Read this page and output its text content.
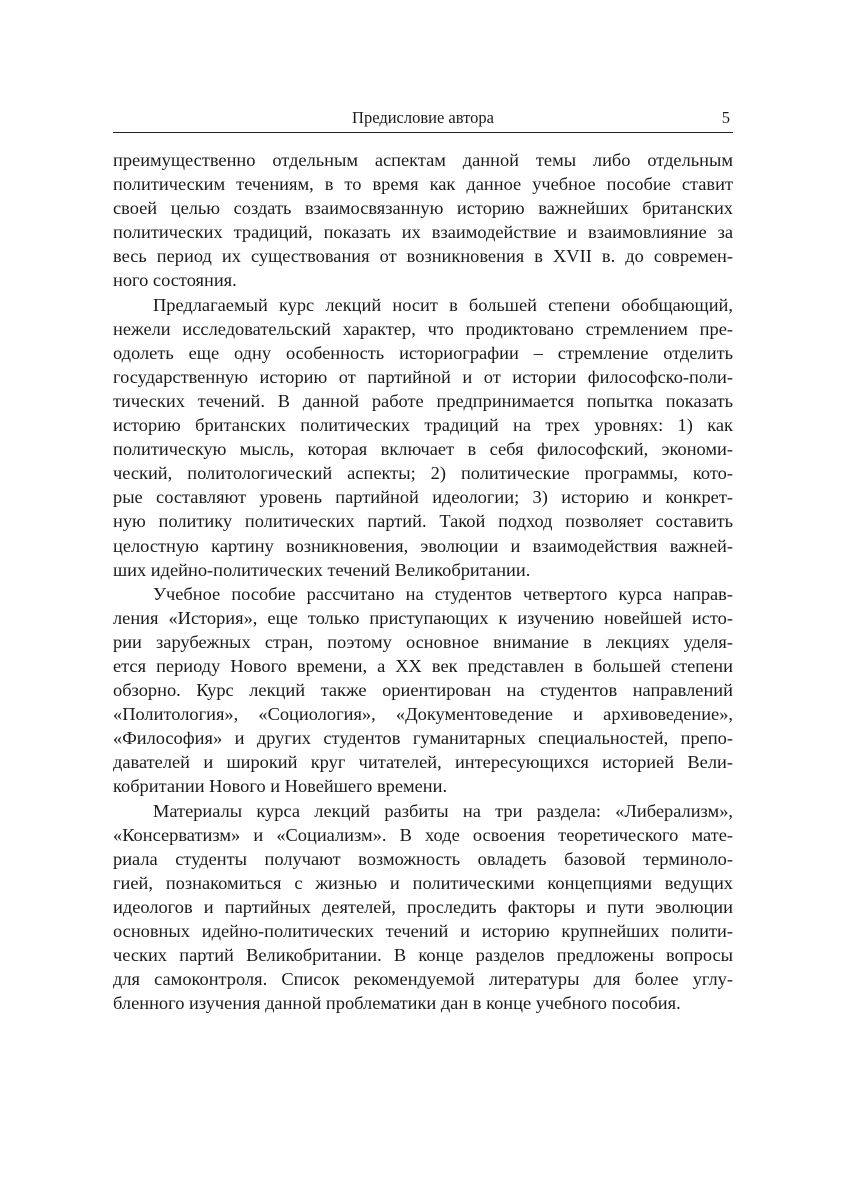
Предисловие автора	5
преимущественно отдельным аспектам данной темы либо отдельным
политическим течениям, в то время как данное учебное пособие ставит
своей целью создать взаимосвязанную историю важнейших британских
политических традиций, показать их взаимодействие и взаимовлияние за
весь период их существования от возникновения в XVII в. до современ-
ного состояния.
Предлагаемый курс лекций носит в большей степени обобщающий,
нежели исследовательский характер, что продиктовано стремлением пре-
одолеть еще одну особенность историографии – стремление отделить
государственную историю от партийной и от истории философско-поли-
тических течений. В данной работе предпринимается попытка показать
историю британских политических традиций на трех уровнях: 1) как
политическую мысль, которая включает в себя философский, экономи-
ческий, политологический аспекты; 2) политические программы, кото-
рые составляют уровень партийной идеологии; 3) историю и конкрет-
ную политику политических партий. Такой подход позволяет составить
целостную картину возникновения, эволюции и взаимодействия важней-
ших идейно-политических течений Великобритании.
Учебное пособие рассчитано на студентов четвертого курса направ-
ления «История», еще только приступающих к изучению новейшей исто-
рии зарубежных стран, поэтому основное внимание в лекциях уделя-
ется периоду Нового времени, а XX век представлен в большей степени
обзорно. Курс лекций также ориентирован на студентов направлений
«Политология», «Социология», «Документоведение и архивоведение»,
«Философия» и других студентов гуманитарных специальностей, препо-
давателей и широкий круг читателей, интересующихся историей Вели-
кобритании Нового и Новейшего времени.
Материалы курса лекций разбиты на три раздела: «Либерализм»,
«Консерватизм» и «Социализм». В ходе освоения теоретического мате-
риала студенты получают возможность овладеть базовой терминоло-
гией, познакомиться с жизнью и политическими концепциями ведущих
идеологов и партийных деятелей, проследить факторы и пути эволюции
основных идейно-политических течений и историю крупнейших полити-
ческих партий Великобритании. В конце разделов предложены вопросы
для самоконтроля. Список рекомендуемой литературы для более углу-
бленного изучения данной проблематики дан в конце учебного пособия.
